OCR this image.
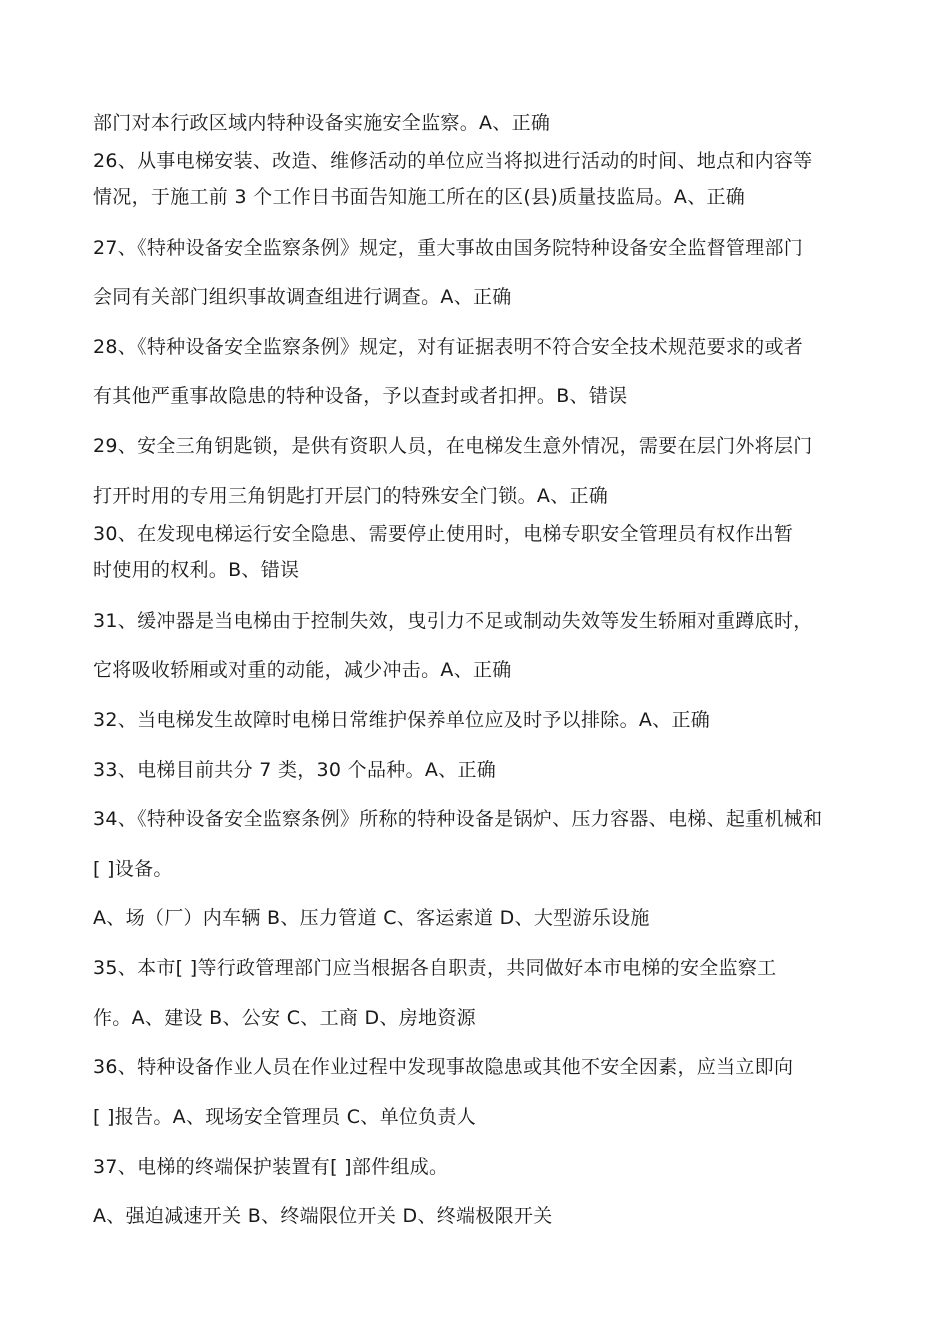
部门对本行政区域内特种设备实施安全监察。A、正确
26、从事电梯安装、改造、维修活动的单位应当将拟进行活动的时间、地点和内容等
情况，于施工前 3 个工作日书面告知施工所在的区(县)质量技监局。A、正确
27、《特种设备安全监察条例》规定，重大事故由国务院特种设备安全监督管理部门
会同有关部门组织事故调查组进行调查。A、正确
28、《特种设备安全监察条例》规定，对有证据表明不符合安全技术规范要求的或者
有其他严重事故隐患的特种设备，予以查封或者扣押。B、错误
29、安全三角钥匙锁，是供有资职人员，在电梯发生意外情况，需要在层门外将层门
打开时用的专用三角钥匙打开层门的特殊安全门锁。A、正确
30、在发现电梯运行安全隐患、需要停止使用时，电梯专职安全管理员有权作出暂
时使用的权利。B、错误
31、缓冲器是当电梯由于控制失效，曳引力不足或制动失效等发生轿厢对重蹲底时，
它将吸收轿厢或对重的动能，减少冲击。A、正确
32、当电梯发生故障时电梯日常维护保养单位应及时予以排除。A、正确
33、电梯目前共分 7 类，30 个品种。A、正确
34、《特种设备安全监察条例》所称的特种设备是锅炉、压力容器、电梯、起重机械和
[ ]设备。
A、场（厂）内车辆 B、压力管道 C、客运索道 D、大型游乐设施
35、本市[ ]等行政管理部门应当根据各自职责，共同做好本市电梯的安全监察工
作。A、建设 B、公安 C、工商 D、房地资源
36、特种设备作业人员在作业过程中发现事故隐患或其他不安全因素，应当立即向
[ ]报告。A、现场安全管理员 C、单位负责人
37、电梯的终端保护装置有[ ]部件组成。
A、强迫减速开关 B、终端限位开关 D、终端极限开关
